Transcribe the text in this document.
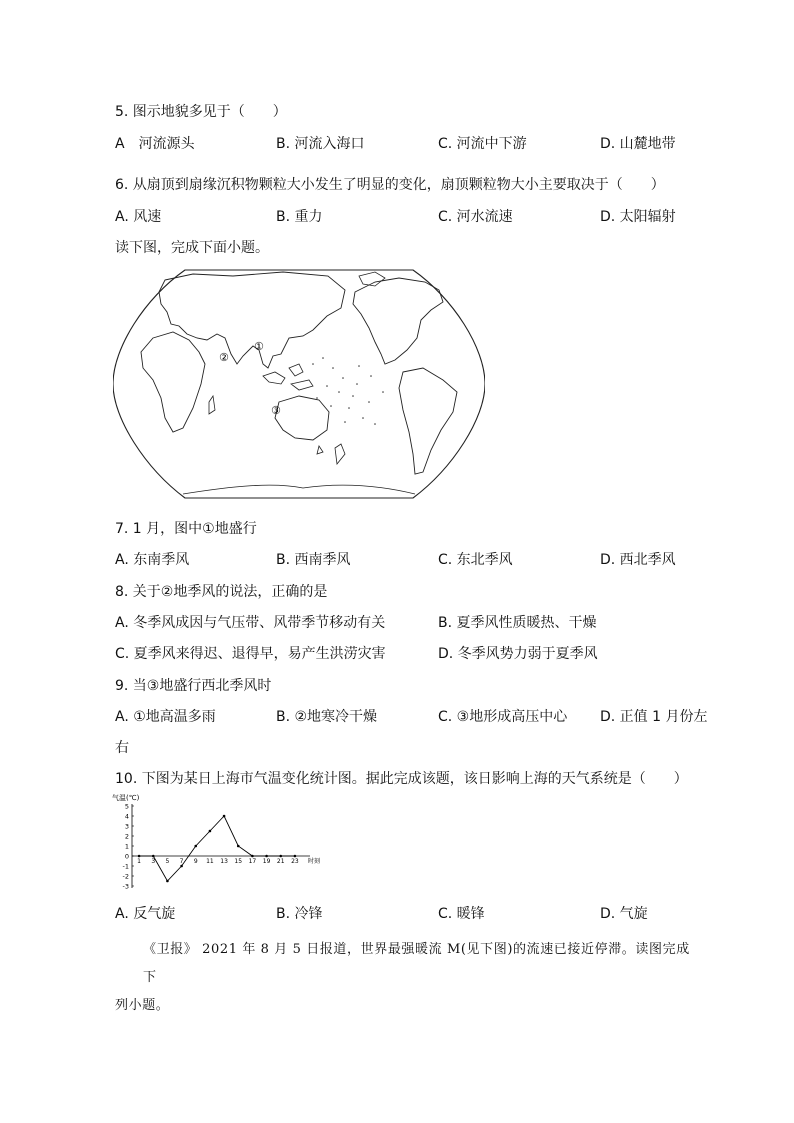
5. 图示地貌多见于（　　）
A　河流源头	B. 河流入海口	C. 河流中下游	D. 山麓地带
6. 从扇顶到扇缘沉积物颗粒大小发生了明显的变化，扇顶颗粒物大小主要取决于（　　）
A. 风速	B. 重力	C. 河水流速	D. 太阳辐射
读下图，完成下面小题。
①
②
③
7. 1 月，图中①地盛行
A. 东南季风	B. 西南季风	C. 东北季风	D. 西北季风
8. 关于②地季风的说法，正确的是
A. 冬季风成因与气压带、风带季节移动有关	B. 夏季风性质暖热、干燥
C. 夏季风来得迟、退得早，易产生洪涝灾害	D. 冬季风势力弱于夏季风
9. 当③地盛行西北季风时
A. ①地高温多雨	B. ②地寒冷干燥	C. ③地形成高压中心 D. 正值 1 月份左
右
10. 下图为某日上海市气温变化统计图。据此完成该题，该日影响上海的天气系统是（　　）
气温(℃)
5
4
3
2
1
0
-1
-2
-3
1 3 5 7 9 11 13 15 17 19 21 23 时刻
A. 反气旋	B. 冷锋	C. 暖锋	D. 气旋
《卫报》 2021 年 8 月 5 日报道，世界最强暖流 M(见下图)的流速已接近停滞。读图完成下
列小题。
